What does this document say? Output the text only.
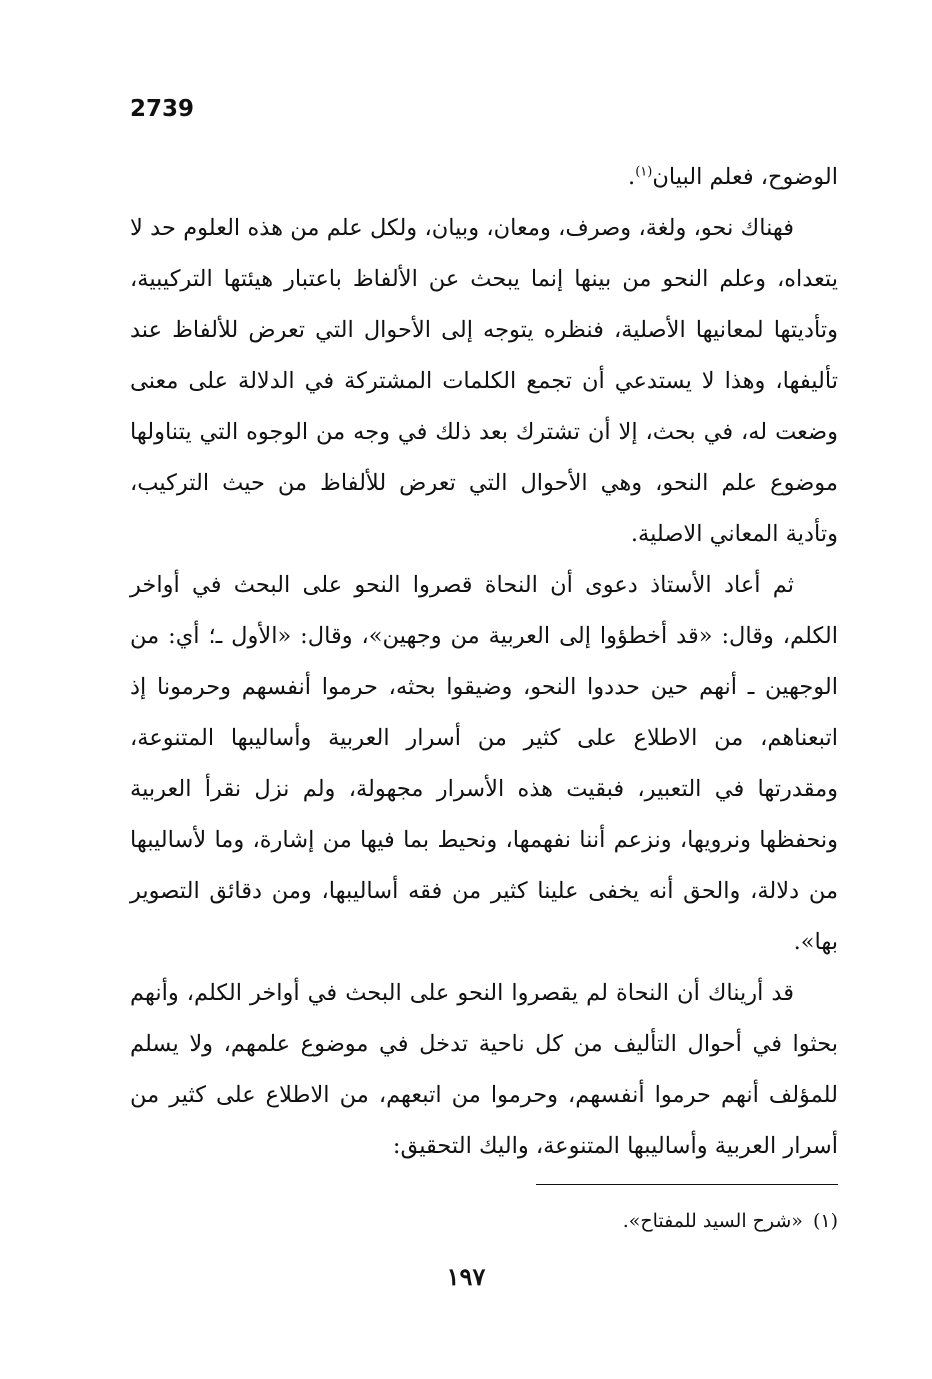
2739

الوضوح، فعلم البيان$^{(١)}$.

فهناك نحو، ولغة، وصرف، ومعان، وبيان، ولكل علم من هذه العلوم حد لا يتعداه، وعلم النحو من بينها إنما يبحث عن الألفاظ باعتبار هيئتها التركيبية، وتأديتها لمعانيها الأصلية، فنظره يتوجه إلى الأحوال التي تعرض للألفاظ عند تأليفها، وهذا لا يستدعي أن تجمع الكلمات المشتركة في الدلالة على معنى وضعت له، في بحث، إلا أن تشترك بعد ذلك في وجه من الوجوه التي يتناولها موضوع علم النحو، وهي الأحوال التي تعرض للألفاظ من حيث التركيب، وتأدية المعاني الاصلية.

ثم أعاد الأستاذ دعوى أن النحاة قصروا النحو على البحث في أواخر الكلم، وقال: «قد أخطؤوا إلى العربية من وجهين»، وقال: «الأول ـ؛ أي: من الوجهين ـ أنهم حين حددوا النحو، وضيقوا بحثه، حرموا أنفسهم وحرمونا إذ اتبعناهم، من الاطلاع على كثير من أسرار العربية وأساليبها المتنوعة، ومقدرتها في التعبير، فبقيت هذه الأسرار مجهولة، ولم نزل نقرأ العربية ونحفظها ونرويها، ونزعم أننا نفهمها، ونحيط بما فيها من إشارة، وما لأساليبها من دلالة، والحق أنه يخفى علينا كثير من فقه أساليبها، ومن دقائق التصوير بها».

قد أريناك أن النحاة لم يقصروا النحو على البحث في أواخر الكلم، وأنهم بحثوا في أحوال التأليف من كل ناحية تدخل في موضوع علمهم، ولا يسلم للمؤلف أنهم حرموا أنفسهم، وحرموا من اتبعهم، من الاطلاع على كثير من أسرار العربية وأساليبها المتنوعة، واليك التحقيق:

(١)«شرح السيد للمفتاح».
١٩٧
